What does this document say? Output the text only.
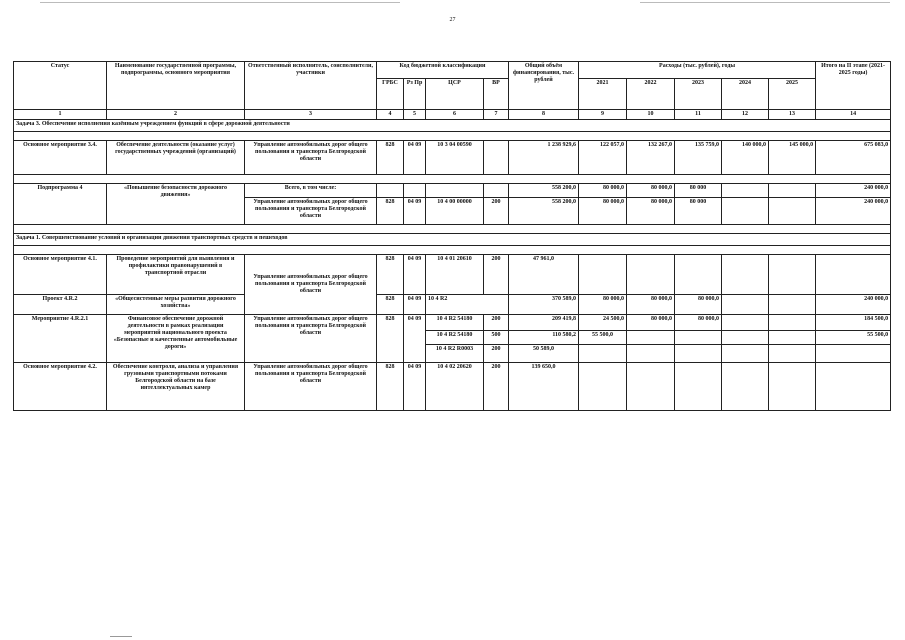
27
Статус	Наименование государственной программы, подпрограммы, основного мероприятия	Ответственный исполнитель, соисполнители, участники	Код бюджетной классификации				Общий объём финансирования, тыс. рублей	Расходы (тыс. рублей), годы					Итого на II этапе (2021-2025 годы)
			ГРБС	Рз Пр	ЦСР	ВР		2021	2022	2023	2024	2025	
1	2	3	4	5	6	7	8	9	10	11	12	13	14
Задача 3. Обеспечение исполнения казённым учреждением функций в сфере дорожной деятельности													

Основное мероприятие 3.4.	Обеспечение деятельности (оказание услуг) государственных учреждений (организаций)	Управление автомобильных дорог общего пользования и транспорта Белгородской области	828	04 09	10 3 04 00590		1 238 929,6	122 057,0	132 267,0	135 759,0	140 000,0	145 000,0	675 083,0

Подпрограмма 4	«Повышение безопасности дорожного движения»	Всего, в том числе:					558 200,0	80 000,0	80 000,0	80 000			240 000,0
		Управление автомобильных дорог общего пользования и транспорта Белгородской области	828	04 09	10 4 00 00000	200	558 200,0	80 000,0	80 000,0	80 000			240 000,0

Задача 1. Совершенствование условий и организации движения транспортных средств и пешеходов													

Основное мероприятие 4.1.	Проведение мероприятий для выявления и профилактики правонарушений в транспортной отрасли	Управление автомобильных дорог общего пользования и транспорта Белгородской области	828	04 09	10 4 01 20610	200	47 961,0						
Проект 4.R.2	«Общесистемные меры развития дорожного хозяйства»		828	04 09	10 4 R2		370 589,0	80 000,0	80 000,0	80 000,0			240 000,0
Мероприятие 4.R.2.1	Финансовое обеспечение дорожной деятельности в рамках реализации мероприятий национального проекта «Безопасные и качественные автомобильные дороги»	Управление автомобильных дорог общего пользования и транспорта Белгородской области	828	04 09	10 4 R2 54180	200	209 419,8	24 500,0	80 000,0	80 000,0			184 500,0
					10 4 R2 54180	500	110 580,2	55 500,0					55 500,0
					10 4 R2 R0003	200	50 589,0						
Основное мероприятие 4.2.	Обеспечение контроля, анализа и управления грузовыми транспортными потоками Белгородской области на базе интеллектуальных камер	Управление автомобильных дорог общего пользования и транспорта Белгородской области	828	04 09	10 4 02 20620	200	139 650,0						
